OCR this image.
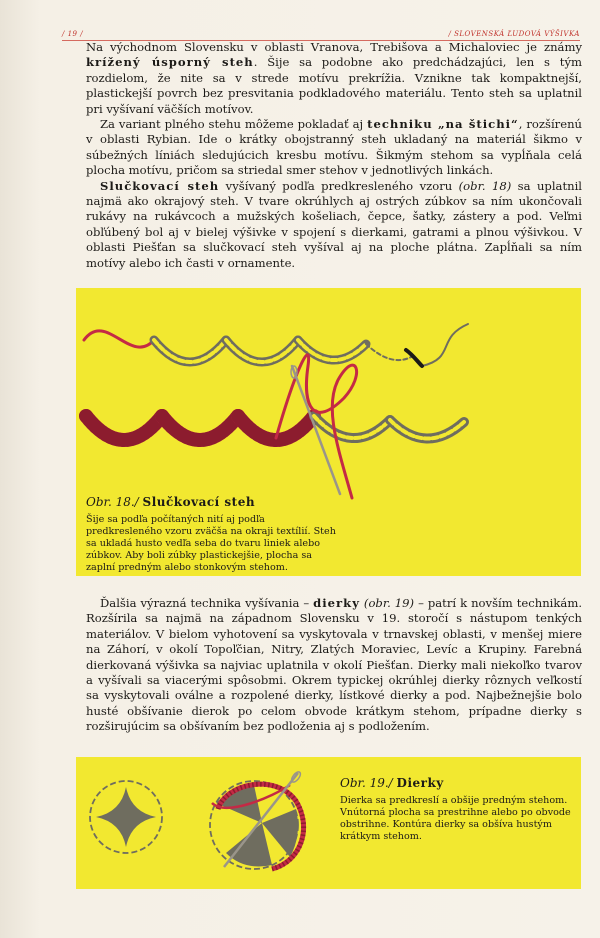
/ 19 /	/ SLOVENSKÁ ĽUDOVÁ VÝŠIVKA

Na východnom Slovensku v oblasti Vranova, Trebišova a Michaloviec je známy krížený úsporný steh. Šije sa podobne ako predchádzajúci, len s tým rozdielom, že nite sa v strede motívu prekrížia. Vznikne tak kompaktnejší, plastickejší povrch bez presvitania podkladového materiálu. Tento steh sa uplatnil pri vyšívaní väčších motívov.

Za variant plného stehu môžeme pokladať aj techniku „na štichi“, rozšírenú v oblasti Rybian. Ide o krátky obojstranný steh ukladaný na materiál šikmo v súbežných líniách sledujúcich kresbu motívu. Šikmým stehom sa vypĺňala celá plocha motívu, pričom sa striedal smer stehov v jednotlivých linkách.

Slučkovací steh vyšívaný podľa predkresleného vzoru (obr. 18) sa uplatnil najmä ako okrajový steh. V tvare okrúhlych aj ostrých zúbkov sa ním ukončovali rukávy na rukávcoch a mužských košeliach, čepce, šatky, zástery a pod. Veľmi obľúbený bol aj v bielej výšivke v spojení s dierkami, gatrami a plnou výšivkou. V oblasti Piešťan sa slučkovací steh vyšíval aj na ploche plátna. Zapĺňali sa ním motívy alebo ich časti v ornamente.

Obr. 18./ Slučkovací steh
Šije sa podľa počítaných nití aj podľa predkresleného vzoru zväčša na okraji textílií. Steh sa ukladá husto vedľa seba do tvaru liniek alebo zúbkov. Aby boli zúbky plastickejšie, plocha sa zaplní predným alebo stonkovým stehom.

Ďalšia výrazná technika vyšívania – dierky (obr. 19) – patrí k novším technikám. Rozšírila sa najmä na západnom Slovensku v 19. storočí s nástupom tenkých materiálov. V bielom vyhotovení sa vyskytovala v trnavskej oblasti, v menšej miere na Záhorí, v okolí Topoľčian, Nitry, Zlatých Moraviec, Levíc a Krupiny. Farebná dierkovaná výšivka sa najviac uplatnila v okolí Piešťan. Dierky mali niekoľko tvarov a vyšívali sa viacerými spôsobmi. Okrem typickej okrúhlej dierky rôznych veľkostí sa vyskytovali oválne a rozpolené dierky, lístkové dierky a pod. Najbežnejšie bolo husté obšívanie dierok po celom obvode krátkym stehom, prípadne dierky s rozširujúcim sa obšívaním bez podloženia aj s podložením.

Obr. 19./ Dierky
Dierka sa predkreslí a obšije predným stehom. Vnútorná plocha sa prestrihne alebo po obvode obstrihne. Kontúra dierky sa obšíva hustým krátkym stehom.
